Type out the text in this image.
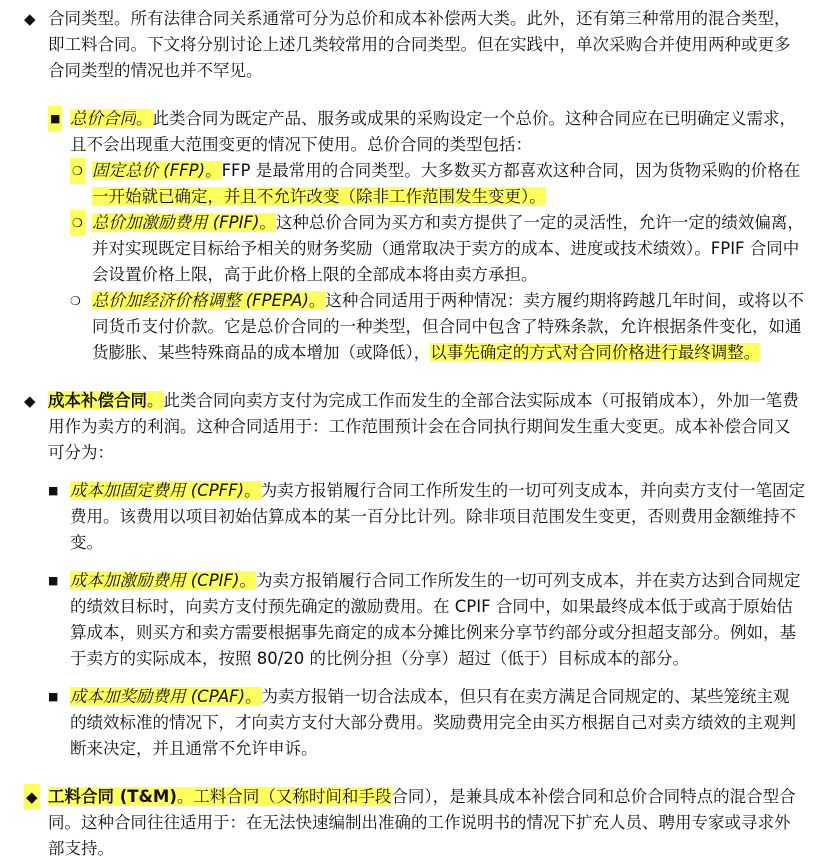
◆ 合同类型。所有法律合同关系通常可分为总价和成本补偿两大类。此外，还有第三种常用的混合类型，即工料合同。下文将分别讨论上述几类较常用的合同类型。但在实践中，单次采购合并使用两种或更多合同类型的情况也并不罕见。

■ 总价合同。此类合同为既定产品、服务或成果的采购设定一个总价。这种合同应在已明确定义需求，且不会出现重大范围变更的情况下使用。总价合同的类型包括：

❍ 固定总价 (FFP)。FFP 是最常用的合同类型。大多数买方都喜欢这种合同，因为货物采购的价格在一开始就已确定，并且不允许改变（除非工作范围发生变更）。

❍ 总价加激励费用 (FPIF)。这种总价合同为买方和卖方提供了一定的灵活性，允许一定的绩效偏离，并对实现既定目标给予相关的财务奖励（通常取决于卖方的成本、进度或技术绩效）。FPIF 合同中会设置价格上限，高于此价格上限的全部成本将由卖方承担。

❍ 总价加经济价格调整 (FPEPA)。这种合同适用于两种情况：卖方履约期将跨越几年时间，或将以不同货币支付价款。它是总价合同的一种类型，但合同中包含了特殊条款，允许根据条件变化，如通货膨胀、某些特殊商品的成本增加（或降低），以事先确定的方式对合同价格进行最终调整。

◆ 成本补偿合同。此类合同向卖方支付为完成工作而发生的全部合法实际成本（可报销成本），外加一笔费用作为卖方的利润。这种合同适用于：工作范围预计会在合同执行期间发生重大变更。成本补偿合同又可分为：

■ 成本加固定费用 (CPFF)。为卖方报销履行合同工作所发生的一切可列支成本，并向卖方支付一笔固定费用。该费用以项目初始估算成本的某一百分比计列。除非项目范围发生变更，否则费用金额维持不变。

■ 成本加激励费用 (CPIF)。为卖方报销履行合同工作所发生的一切可列支成本，并在卖方达到合同规定的绩效目标时，向卖方支付预先确定的激励费用。在 CPIF 合同中，如果最终成本低于或高于原始估算成本，则买方和卖方需要根据事先商定的成本分摊比例来分享节约部分或分担超支部分。例如，基于卖方的实际成本，按照 80/20 的比例分担（分享）超过（低于）目标成本的部分。

■ 成本加奖励费用 (CPAF)。为卖方报销一切合法成本，但只有在卖方满足合同规定的、某些笼统主观的绩效标准的情况下，才向卖方支付大部分费用。奖励费用完全由买方根据自己对卖方绩效的主观判断来决定，并且通常不允许申诉。

◆ 工料合同 (T&M)。工料合同（又称时间和手段合同），是兼具成本补偿合同和总价合同特点的混合型合同。这种合同往往适用于：在无法快速编制出准确的工作说明书的情况下扩充人员、聘用专家或寻求外部支持。
